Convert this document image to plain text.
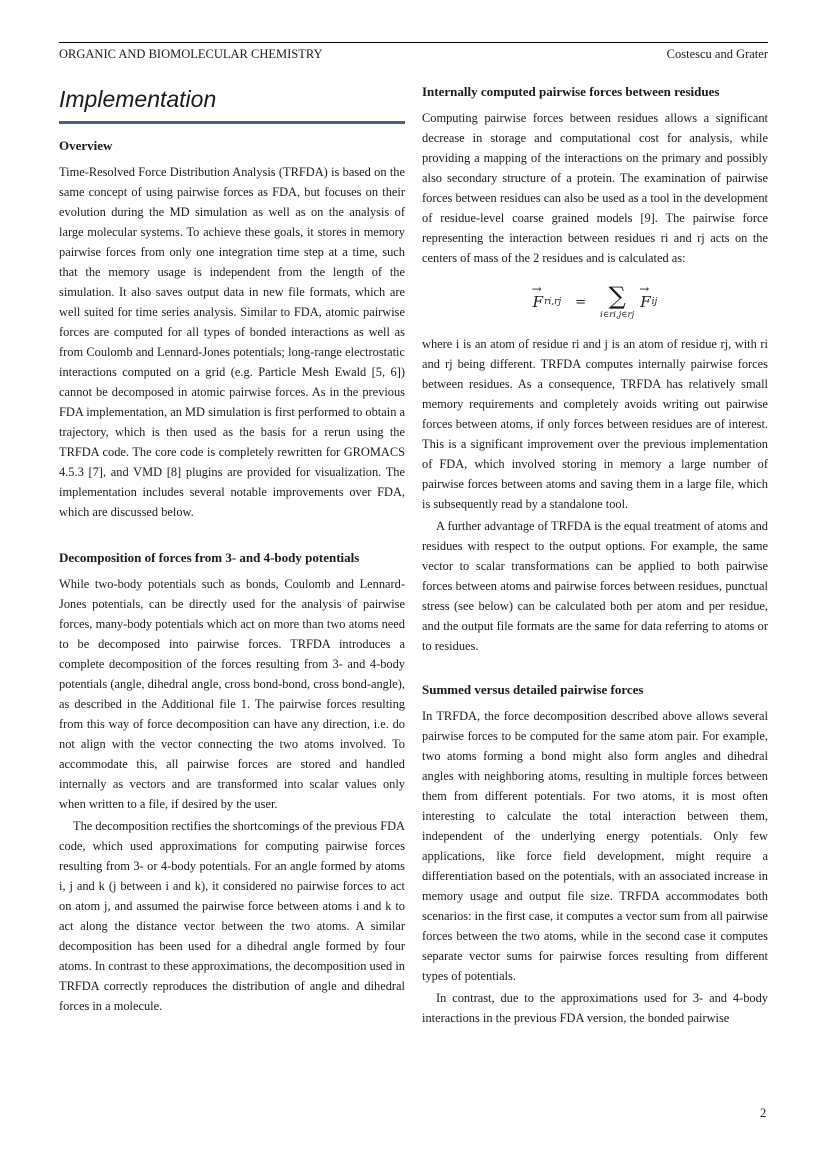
ORGANIC AND BIOMOLECULAR CHEMISTRY	Costescu and Grater
Implementation
Overview

Time-Resolved Force Distribution Analysis (TRFDA) is based on the same concept of using pairwise forces as FDA, but focuses on their evolution during the MD simulation as well as on the analysis of large molecular systems. To achieve these goals, it stores in memory pairwise forces from only one integration time step at a time, such that the memory usage is independent from the length of the simulation. It also saves output data in new file formats, which are well suited for time series analysis. Similar to FDA, atomic pairwise forces are computed for all types of bonded interactions as well as from Coulomb and Lennard-Jones potentials; long-range electrostatic interactions computed on a grid (e.g. Particle Mesh Ewald [5, 6]) cannot be decomposed in atomic pairwise forces. As in the previous FDA implementation, an MD simulation is first performed to obtain a trajectory, which is then used as the basis for a rerun using the TRFDA code. The core code is completely rewritten for GROMACS 4.5.3 [7], and VMD [8] plugins are provided for visualization. The implementation includes several notable improvements over FDA, which are discussed below.

Decomposition of forces from 3- and 4-body potentials

While two-body potentials such as bonds, Coulomb and Lennard-Jones potentials, can be directly used for the analysis of pairwise forces, many-body potentials which act on more than two atoms need to be decomposed into pairwise forces. TRFDA introduces a complete decomposition of the forces resulting from 3- and 4-body potentials (angle, dihedral angle, cross bond-bond, cross bond-angle), as described in the Additional file 1. The pairwise forces resulting from this way of force decomposition can have any direction, i.e. do not align with the vector connecting the two atoms involved. To accommodate this, all pairwise forces are stored and handled internally as vectors and are transformed into scalar values only when written to a file, if desired by the user.

The decomposition rectifies the shortcomings of the previous FDA code, which used approximations for computing pairwise forces resulting from 3- or 4-body potentials. For an angle formed by atoms i, j and k (j between i and k), it considered no pairwise forces to act on atom j, and assumed the pairwise force between atoms i and k to act along the distance vector between the two atoms. A similar decomposition has been used for a dihedral angle formed by four atoms. In contrast to these approximations, the decomposition used in TRFDA correctly reproduces the distribution of angle and dihedral forces in a molecule.

Internally computed pairwise forces between residues

Computing pairwise forces between residues allows a significant decrease in storage and computational cost for analysis, while providing a mapping of the interactions on the primary and possibly also secondary structure of a protein. The examination of pairwise forces between residues can also be used as a tool in the development of residue-level coarse grained models [9]. The pairwise force representing the interaction between residues ri and rj acts on the centers of mass of the 2 residues and is calculated as:

→ F ri,rj = ∑
i∈ri,j∈rj
→ F ij

where i is an atom of residue ri and j is an atom of residue rj, with ri and rj being different. TRFDA computes internally pairwise forces between residues. As a consequence, TRFDA has relatively small memory requirements and completely avoids writing out pairwise forces between atoms, if only forces between residues are of interest. This is a significant improvement over the previous implementation of FDA, which involved storing in memory a large number of pairwise forces between atoms and saving them in a large file, which is subsequently read by a standalone tool.

A further advantage of TRFDA is the equal treatment of atoms and residues with respect to the output options. For example, the same vector to scalar transformations can be applied to both pairwise forces between atoms and pairwise forces between residues, punctual stress (see below) can be calculated both per atom and per residue, and the output file formats are the same for data referring to atoms or to residues.

Summed versus detailed pairwise forces

In TRFDA, the force decomposition described above allows several pairwise forces to be computed for the same atom pair. For example, two atoms forming a bond might also form angles and dihedral angles with neighboring atoms, resulting in multiple forces between them from different potentials. For two atoms, it is most often interesting to calculate the total interaction between them, independent of the underlying energy potentials. Only few applications, like force field development, might require a differentiation based on the potentials, with an associated increase in memory usage and output file size. TRFDA accommodates both scenarios: in the first case, it computes a vector sum from all pairwise forces between the two atoms, while in the second case it computes separate vector sums for pairwise forces resulting from different types of potentials.

In contrast, due to the approximations used for 3- and 4-body interactions in the previous FDA version, the bonded pairwise

2
